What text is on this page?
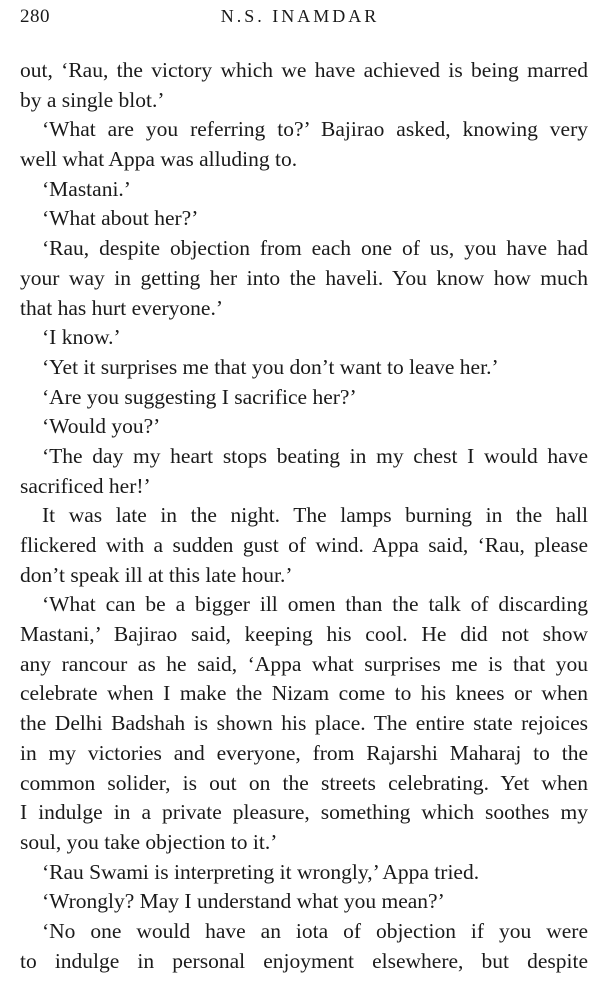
280	N.S. INAMDAR
out, ‘Rau, the victory which we have achieved is being marred
by a single blot.’
‘What are you referring to?’ Bajirao asked, knowing very
well what Appa was alluding to.
‘Mastani.’
‘What about her?’
‘Rau, despite objection from each one of us, you have had
your way in getting her into the haveli. You know how much
that has hurt everyone.’
‘I know.’
‘Yet it surprises me that you don’t want to leave her.’
‘Are you suggesting I sacrifice her?’
‘Would you?’
‘The day my heart stops beating in my chest I would have
sacrificed her!’
It was late in the night. The lamps burning in the hall
flickered with a sudden gust of wind. Appa said, ‘Rau, please
don’t speak ill at this late hour.’
‘What can be a bigger ill omen than the talk of discarding
Mastani,’ Bajirao said, keeping his cool. He did not show
any rancour as he said, ‘Appa what surprises me is that you
celebrate when I make the Nizam come to his knees or when
the Delhi Badshah is shown his place. The entire state rejoices
in my victories and everyone, from Rajarshi Maharaj to the
common solider, is out on the streets celebrating. Yet when
I indulge in a private pleasure, something which soothes my
soul, you take objection to it.’
‘Rau Swami is interpreting it wrongly,’ Appa tried.
‘Wrongly? May I understand what you mean?’
‘No one would have an iota of objection if you were
to indulge in personal enjoyment elsewhere, but despite
